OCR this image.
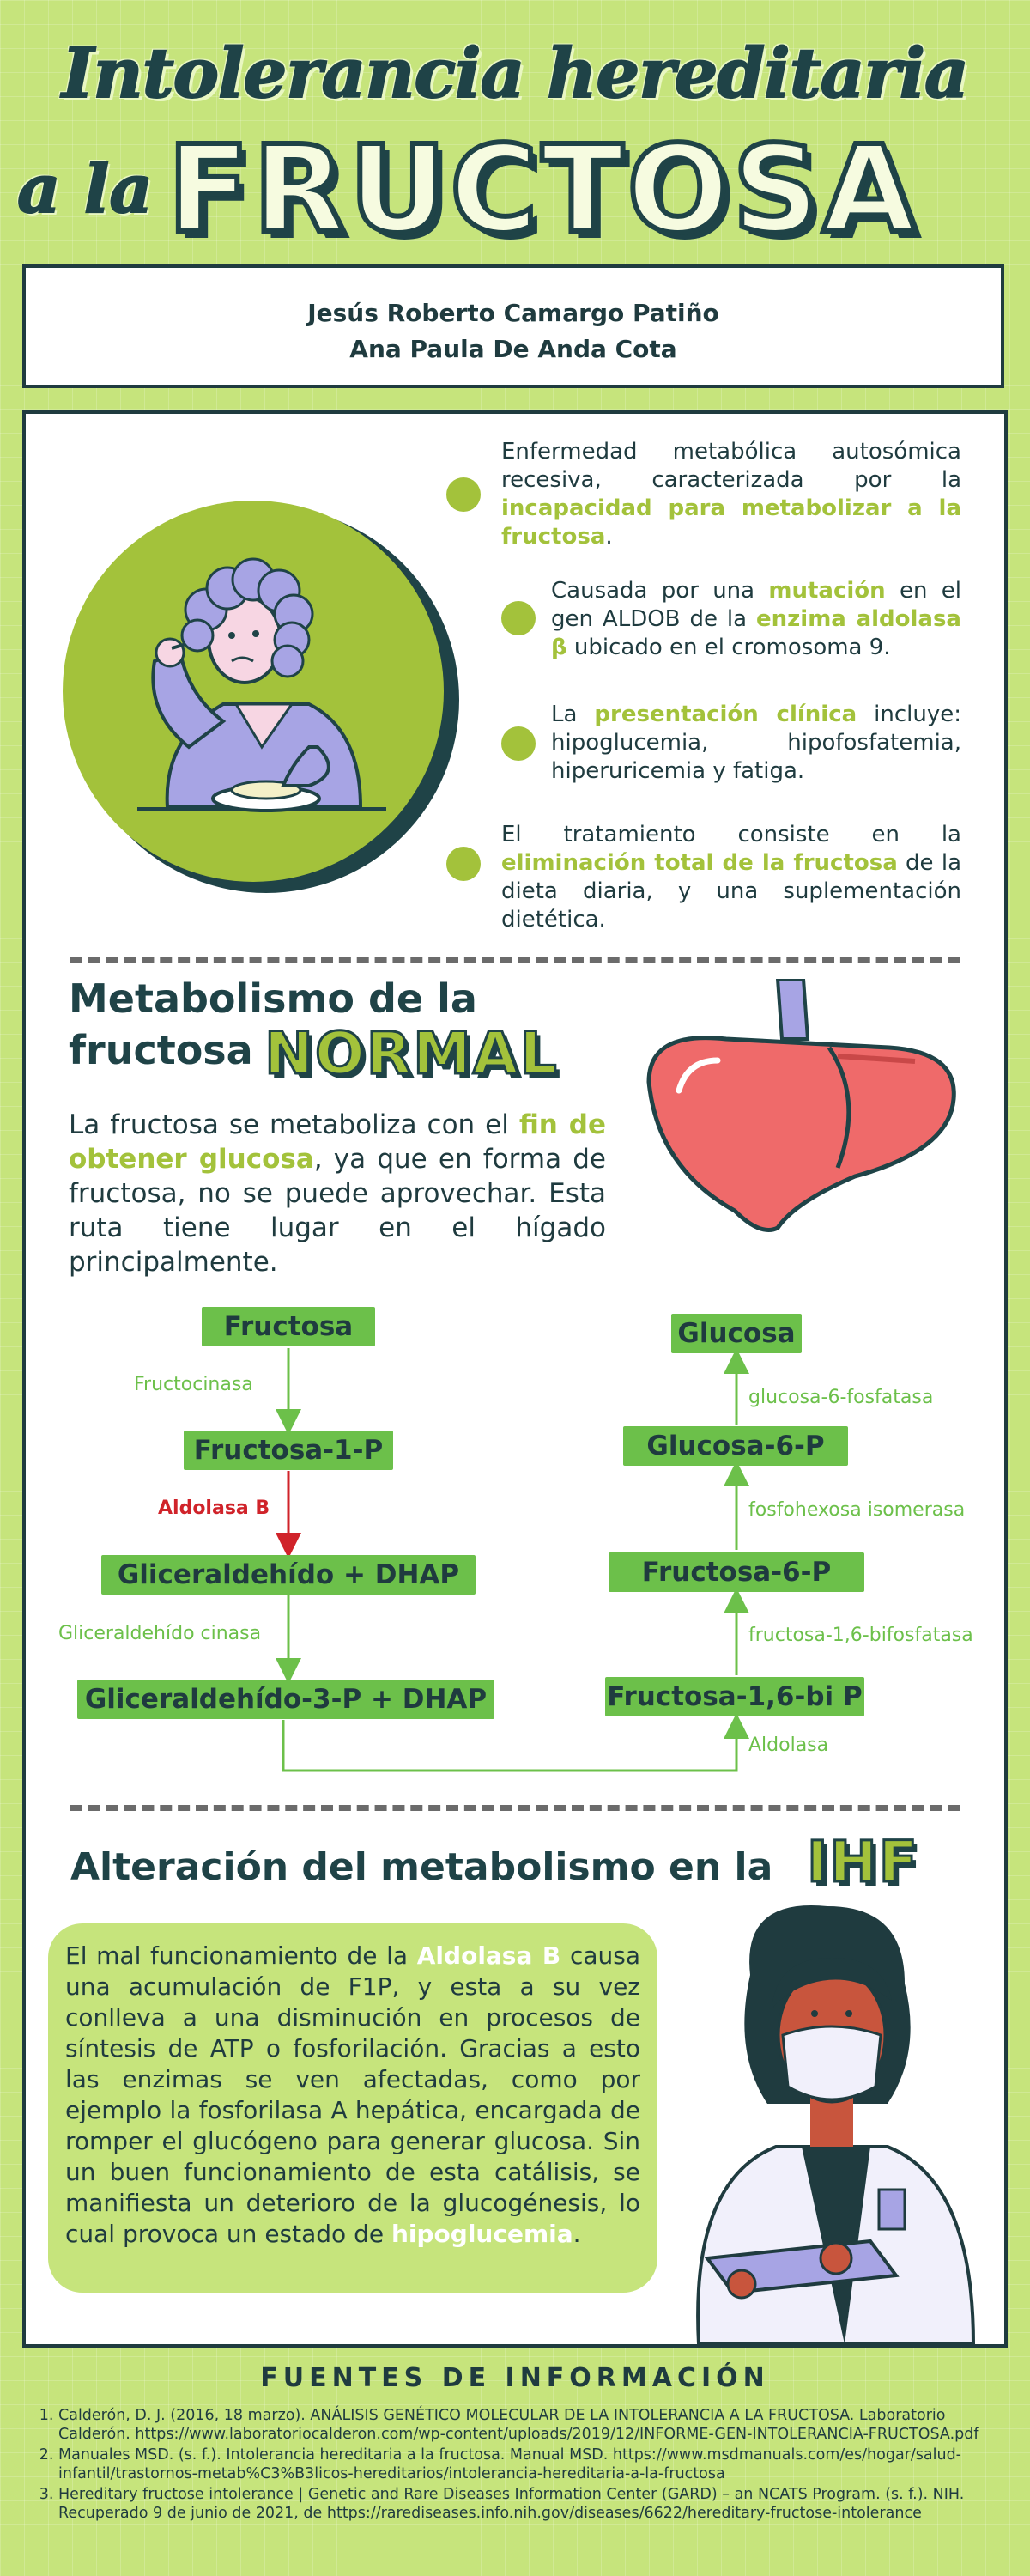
Intolerancia hereditaria
a la FRUCTOSA
Jesús Roberto Camargo Patiño
Ana Paula De Anda Cota
Enfermedad metabólica autosómica recesiva, caracterizada por la incapacidad para metabolizar a la fructosa.
Causada por una mutación en el gen ALDOB de la enzima aldolasa β ubicado en el cromosoma 9.
La presentación clínica incluye: hipoglucemia, hipofosfatemia, hiperuricemia y fatiga.
El tratamiento consiste en la eliminación total de la fructosa de la dieta diaria, y una suplementación dietética.
Metabolismo de la
fructosa NORMAL
La fructosa se metaboliza con el fin de obtener glucosa, ya que en forma de fructosa, no se puede aprovechar. Esta ruta tiene lugar en el hígado principalmente.
Fructosa
Fructosa-1-P
Gliceraldehído + DHAP
Gliceraldehído-3-P + DHAP
Fructocinasa
Aldolasa B
Gliceraldehído cinasa
Glucosa
Glucosa-6-P
Fructosa-6-P
Fructosa-1,6-bi P
glucosa-6-fosfatasa
fosfohexosa isomerasa
fructosa-1,6-bifosfatasa
Aldolasa
Alteración del metabolismo en la IHF
El mal funcionamiento de la Aldolasa B causa una acumulación de F1P, y esta a su vez conlleva a una disminución en procesos de síntesis de ATP o fosforilación. Gracias a esto las enzimas se ven afectadas, como por ejemplo la fosforilasa A hepática, encargada de romper el glucógeno para generar glucosa. Sin un buen funcionamiento de esta catálisis, se manifiesta un deterioro de la glucogénesis, lo cual provoca un estado de hipoglucemia.
FUENTES DE INFORMACIÓN
1. Calderón, D. J. (2016, 18 marzo). ANÁLISIS GENÉTICO MOLECULAR DE LA INTOLERANCIA A LA FRUCTOSA. Laboratorio Calderón. https://www.laboratoriocalderon.com/wp-content/uploads/2019/12/INFORME-GEN-INTOLERANCIA-FRUCTOSA.pdf
2. Manuales MSD. (s. f.). Intolerancia hereditaria a la fructosa. Manual MSD. https://www.msdmanuals.com/es/hogar/salud-infantil/trastornos-metab%C3%B3licos-hereditarios/intolerancia-hereditaria-a-la-fructosa
3. Hereditary fructose intolerance | Genetic and Rare Diseases Information Center (GARD) – an NCATS Program. (s. f.). NIH. Recuperado 9 de junio de 2021, de https://rarediseases.info.nih.gov/diseases/6622/hereditary-fructose-intolerance
